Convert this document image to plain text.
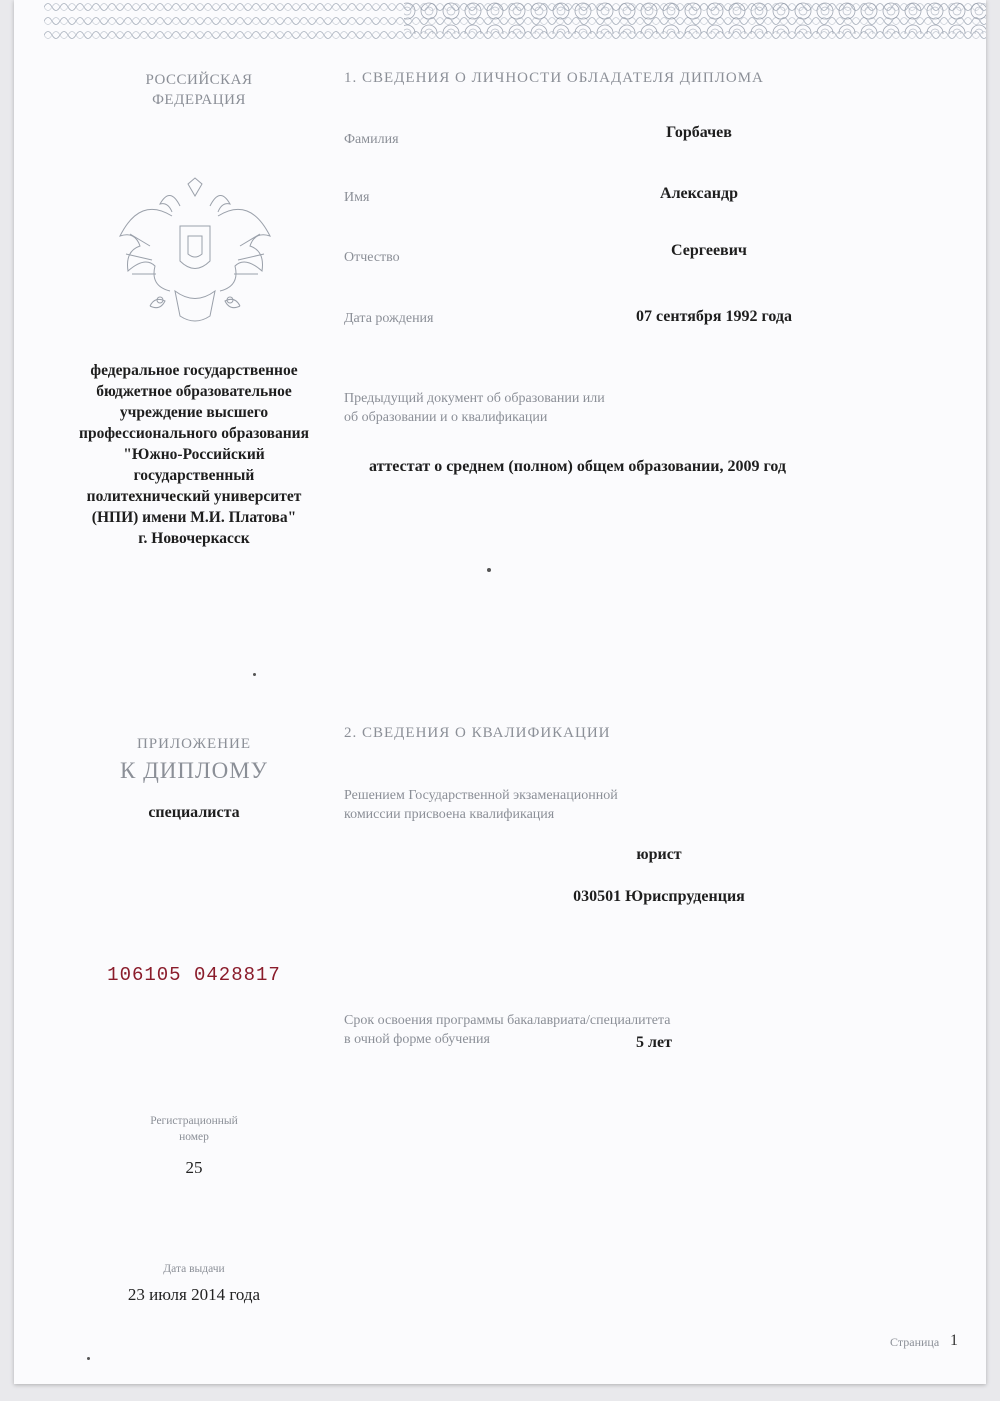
РОССИЙСКАЯ
ФЕДЕРАЦИЯ
федеральное государственное
бюджетное образовательное
учреждение высшего
профессионального образования
"Южно-Российский
государственный
политехнический университет
(НПИ) имени М.И. Платова"
г. Новочеркасск
ПРИЛОЖЕНИЕ
К ДИПЛОМУ
специалиста
106105 0428817
Регистрационный
номер
25
Дата выдачи
23 июля 2014 года
1. СВЕДЕНИЯ О ЛИЧНОСТИ ОБЛАДАТЕЛЯ ДИПЛОМА
Фамилия	Горбачев
Имя	Александр
Отчество	Сергеевич
Дата рождения	07 сентября 1992 года
Предыдущий документ об образовании или
об образовании и о квалификации
аттестат о среднем (полном) общем образовании, 2009 год
2. СВЕДЕНИЯ О КВАЛИФИКАЦИИ
Решением Государственной экзаменационной
комиссии присвоена квалификация
юрист
030501 Юриспруденция
Срок освоения программы бакалавриата/специалитета
в очной форме обучения	5 лет
Страница 1
